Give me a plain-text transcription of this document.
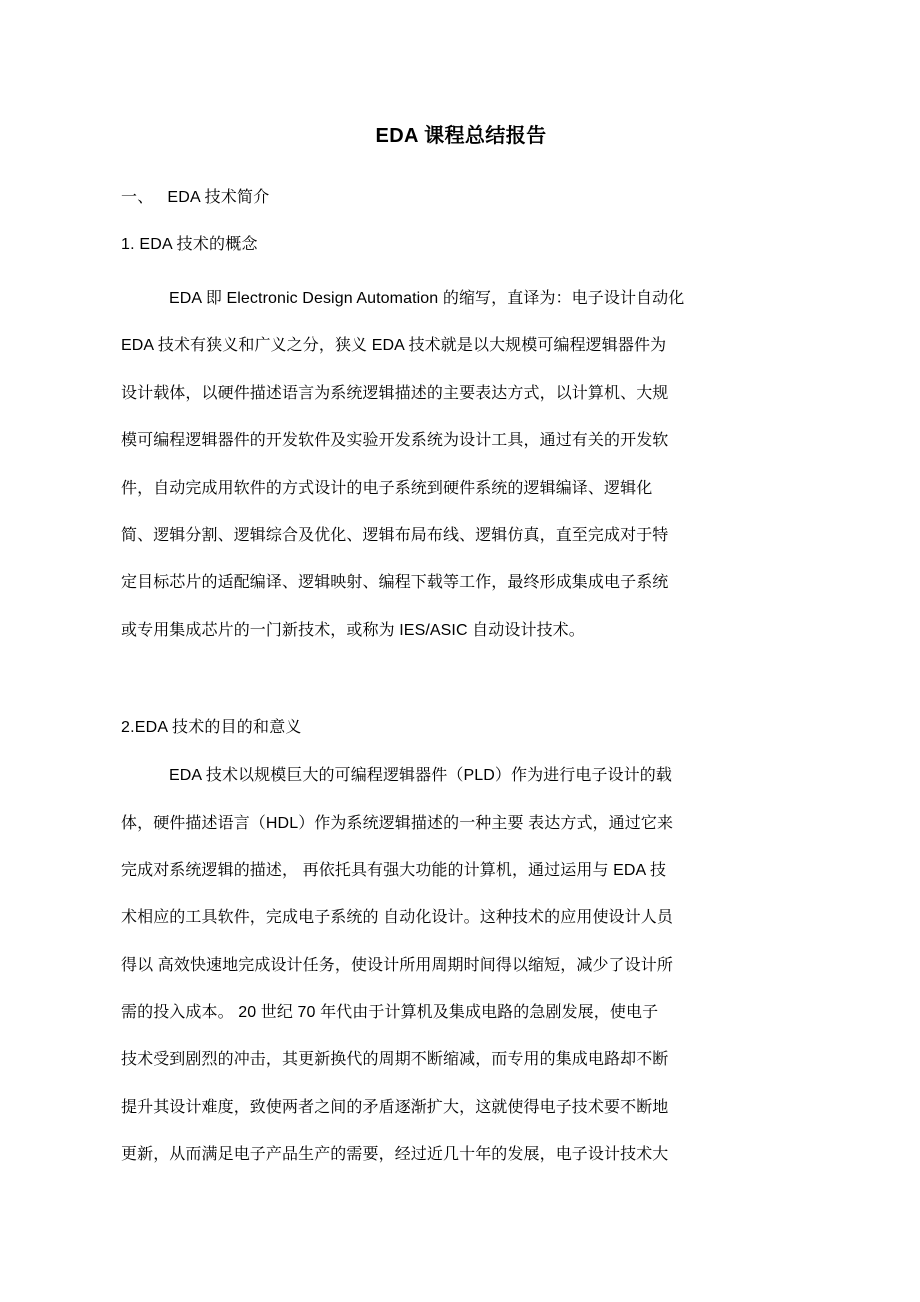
EDA 课程总结报告
一、   EDA 技术简介
1. EDA 技术的概念
EDA 即 Electronic Design Automation 的缩写，直译为：电子设计自动化
EDA 技术有狭义和广义之分，狭义 EDA 技术就是以大规模可编程逻辑器件为
设计载体，以硬件描述语言为系统逻辑描述的主要表达方式，以计算机、大规
模可编程逻辑器件的开发软件及实验开发系统为设计工具，通过有关的开发软
件，自动完成用软件的方式设计的电子系统到硬件系统的逻辑编译、逻辑化
简、逻辑分割、逻辑综合及优化、逻辑布局布线、逻辑仿真，直至完成对于特
定目标芯片的适配编译、逻辑映射、编程下载等工作，最终形成集成电子系统
或专用集成芯片的一门新技术，或称为 IES/ASIC 自动设计技术。
2.EDA 技术的目的和意义
EDA 技术以规模巨大的可编程逻辑器件（PLD）作为进行电子设计的载
体，硬件描述语言（HDL）作为系统逻辑描述的一种主要 表达方式，通过它来
完成对系统逻辑的描述， 再依托具有强大功能的计算机，通过运用与 EDA 技
术相应的工具软件，完成电子系统的 自动化设计。这种技术的应用使设计人员
得以 高效快速地完成设计任务，使设计所用周期时间得以缩短，减少了设计所
需的投入成本。 20 世纪 70 年代由于计算机及集成电路的急剧发展，使电子
技术受到剧烈的冲击，其更新换代的周期不断缩减，而专用的集成电路却不断
提升其设计难度，致使两者之间的矛盾逐渐扩大，这就使得电子技术要不断地
更新，从而满足电子产品生产的需要，经过近几十年的发展，电子设计技术大
